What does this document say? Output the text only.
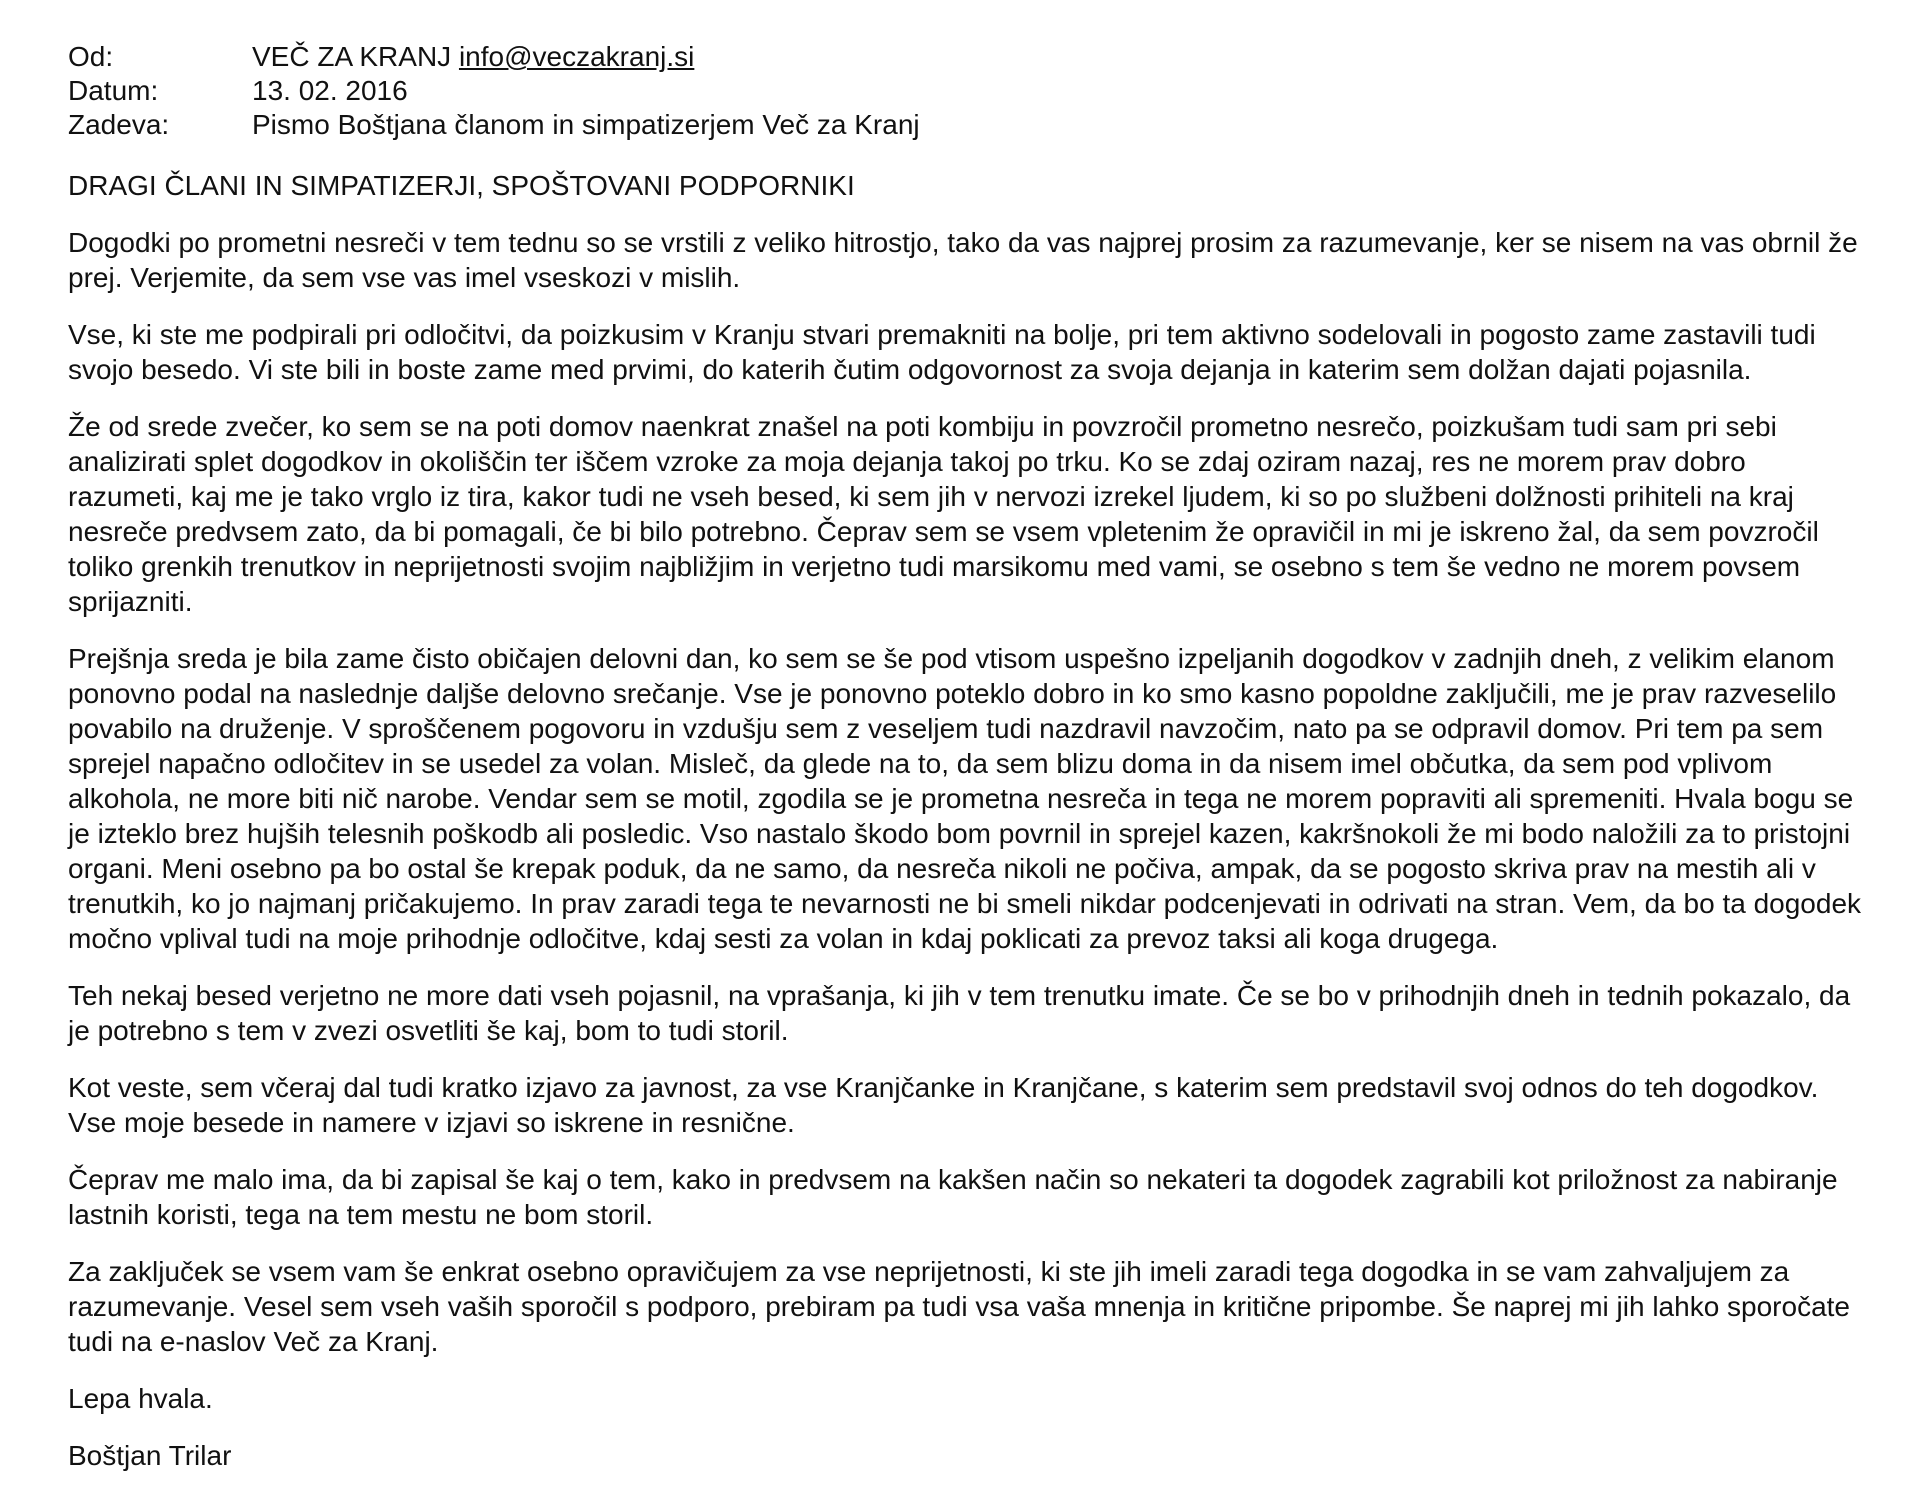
Od:	VEČ ZA KRANJ info@veczakranj.si
Datum:	13. 02. 2016
Zadeva:	Pismo Boštjana članom in simpatizerjem Več za Kranj

DRAGI ČLANI IN SIMPATIZERJI, SPOŠTOVANI PODPORNIKI

Dogodki po prometni nesreči v tem tednu so se vrstili z veliko hitrostjo, tako da vas najprej prosim za razumevanje, ker se nisem na vas obrnil že prej. Verjemite, da sem vse vas imel vseskozi v mislih.

Vse, ki ste me podpirali pri odločitvi, da poizkusim v Kranju stvari premakniti na bolje, pri tem aktivno sodelovali in pogosto zame zastavili tudi svojo besedo. Vi ste bili in boste zame med prvimi, do katerih čutim odgovornost za svoja dejanja in katerim sem dolžan dajati pojasnila.

Že od srede zvečer, ko sem se na poti domov naenkrat znašel na poti kombiju in povzročil prometno nesrečo, poizkušam tudi sam pri sebi analizirati splet dogodkov in okoliščin ter iščem vzroke za moja dejanja takoj po trku. Ko se zdaj oziram nazaj, res ne morem prav dobro razumeti, kaj me je tako vrglo iz tira, kakor tudi ne vseh besed, ki sem jih v nervozi izrekel ljudem, ki so po službeni dolžnosti prihiteli na kraj nesreče predvsem zato, da bi pomagali, če bi bilo potrebno. Čeprav sem se vsem vpletenim že opravičil in mi je iskreno žal, da sem povzročil toliko grenkih trenutkov in neprijetnosti svojim najbližjim in verjetno tudi marsikomu med vami, se osebno s tem še vedno ne morem povsem sprijazniti.

Prejšnja sreda je bila zame čisto običajen delovni dan, ko sem se še pod vtisom uspešno izpeljanih dogodkov v zadnjih dneh, z velikim elanom ponovno podal na naslednje daljše delovno srečanje. Vse je ponovno poteklo dobro in ko smo kasno popoldne zaključili, me je prav razveselilo povabilo na druženje. V sproščenem pogovoru in vzdušju sem z veseljem tudi nazdravil navzočim, nato pa se odpravil domov. Pri tem pa sem sprejel napačno odločitev in se usedel za volan. Misleč, da glede na to, da sem blizu doma in da nisem imel občutka, da sem pod vplivom alkohola, ne more biti nič narobe. Vendar sem se motil, zgodila se je prometna nesreča in tega ne morem popraviti ali spremeniti. Hvala bogu se je izteklo brez hujših telesnih poškodb ali posledic. Vso nastalo škodo bom povrnil in sprejel kazen, kakršnokoli že mi bodo naložili za to pristojni organi. Meni osebno pa bo ostal še krepak poduk, da ne samo, da nesreča nikoli ne počiva, ampak, da se pogosto skriva prav na mestih ali v trenutkih, ko jo najmanj pričakujemo. In prav zaradi tega te nevarnosti ne bi smeli nikdar podcenjevati in odrivati na stran. Vem, da bo ta dogodek močno vplival tudi na moje prihodnje odločitve, kdaj sesti za volan in kdaj poklicati za prevoz taksi ali koga drugega.

Teh nekaj besed verjetno ne more dati vseh pojasnil, na vprašanja, ki jih v tem trenutku imate. Če se bo v prihodnjih dneh in tednih pokazalo, da je potrebno s tem v zvezi osvetliti še kaj, bom to tudi storil.

Kot veste, sem včeraj dal tudi kratko izjavo za javnost, za vse Kranjčanke in Kranjčane, s katerim sem predstavil svoj odnos do teh dogodkov. Vse moje besede in namere v izjavi so iskrene in resnične.

Čeprav me malo ima, da bi zapisal še kaj o tem, kako in predvsem na kakšen način so nekateri ta dogodek zagrabili kot priložnost za nabiranje lastnih koristi, tega na tem mestu ne bom storil.

Za zaključek se vsem vam še enkrat osebno opravičujem za vse neprijetnosti, ki ste jih imeli zaradi tega dogodka in se vam zahvaljujem za razumevanje. Vesel sem vseh vaših sporočil s podporo, prebiram pa tudi vsa vaša mnenja in kritične pripombe. Še naprej mi jih lahko sporočate tudi na e-naslov Več za Kranj.

Lepa hvala.

Boštjan Trilar
